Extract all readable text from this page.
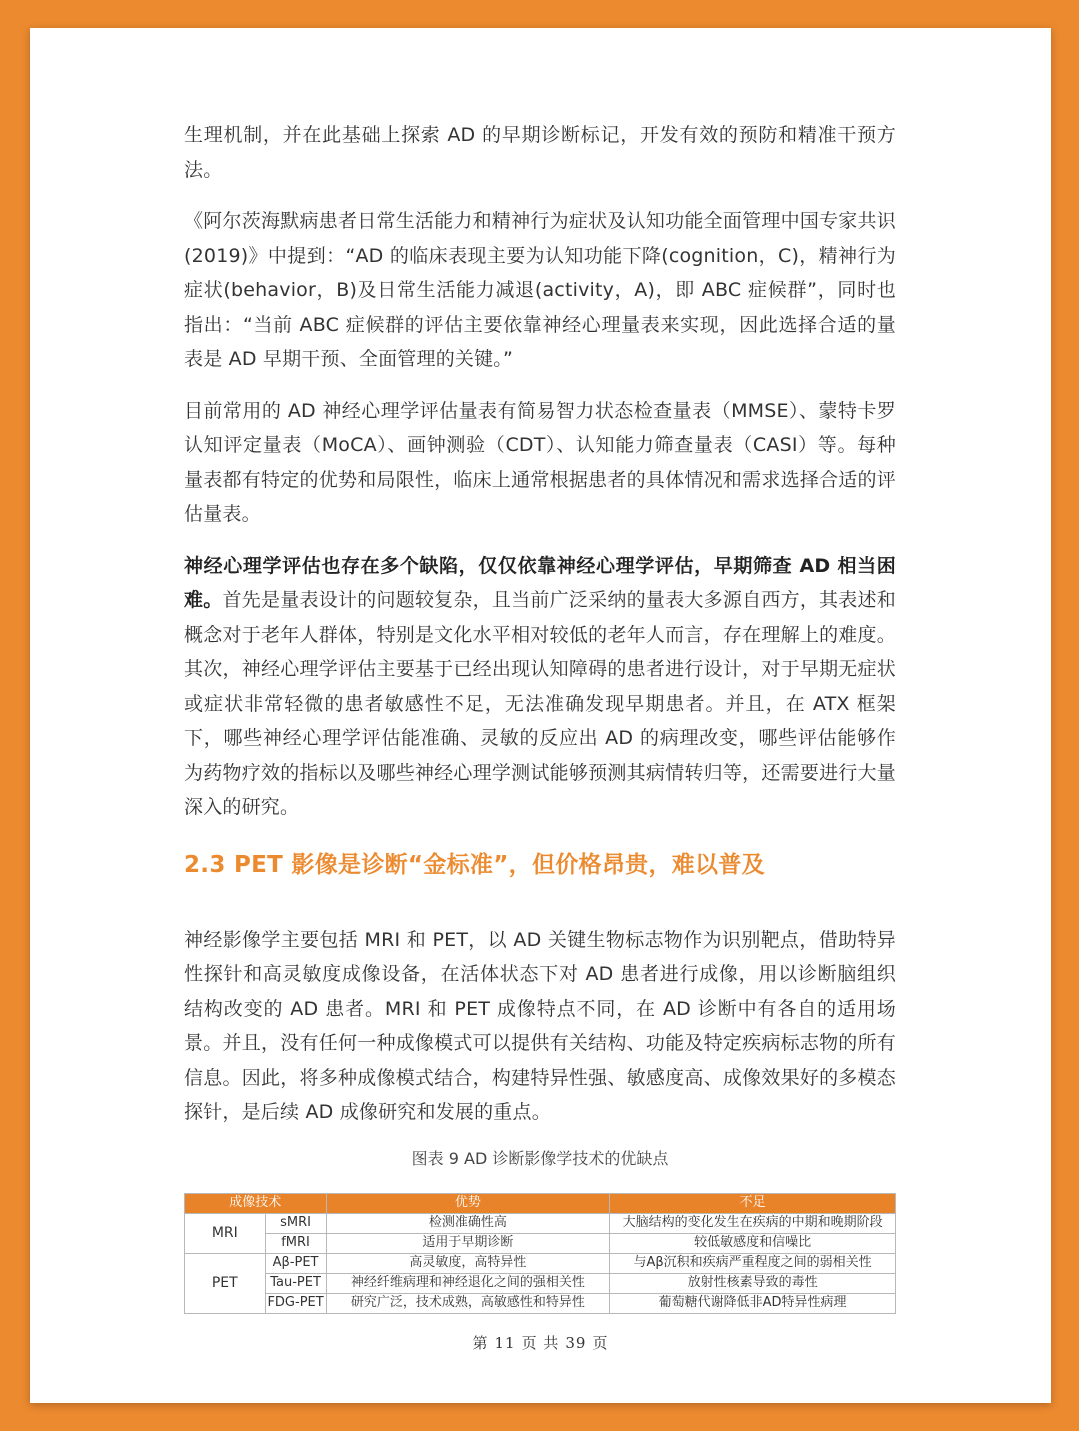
生理机制，并在此基础上探索 AD 的早期诊断标记，开发有效的预防和精准干预方法。

《阿尔茨海默病患者日常生活能力和精神行为症状及认知功能全面管理中国专家共识(2019)》中提到：“AD 的临床表现主要为认知功能下降(cognition，C)，精神行为症状(behavior，B)及日常生活能力减退(activity，A)，即 ABC 症候群”，同时也指出：“当前 ABC 症候群的评估主要依靠神经心理量表来实现，因此选择合适的量表是 AD 早期干预、全面管理的关键。”

目前常用的 AD 神经心理学评估量表有简易智力状态检查量表（MMSE）、蒙特卡罗认知评定量表（MoCA）、画钟测验（CDT）、认知能力筛查量表（CASI）等。每种量表都有特定的优势和局限性，临床上通常根据患者的具体情况和需求选择合适的评估量表。

神经心理学评估也存在多个缺陷，仅仅依靠神经心理学评估，早期筛查 AD 相当困难。首先是量表设计的问题较复杂，且当前广泛采纳的量表大多源自西方，其表述和概念对于老年人群体，特别是文化水平相对较低的老年人而言，存在理解上的难度。其次，神经心理学评估主要基于已经出现认知障碍的患者进行设计，对于早期无症状或症状非常轻微的患者敏感性不足，无法准确发现早期患者。并且，在 ATX 框架下，哪些神经心理学评估能准确、灵敏的反应出 AD 的病理改变，哪些评估能够作为药物疗效的指标以及哪些神经心理学测试能够预测其病情转归等，还需要进行大量深入的研究。

2.3 PET 影像是诊断“金标准”，但价格昂贵，难以普及

神经影像学主要包括 MRI 和 PET，以 AD 关键生物标志物作为识别靶点，借助特异性探针和高灵敏度成像设备，在活体状态下对 AD 患者进行成像，用以诊断脑组织结构改变的 AD 患者。MRI 和 PET 成像特点不同，在 AD 诊断中有各自的适用场景。并且，没有任何一种成像模式可以提供有关结构、功能及特定疾病标志物的所有信息。因此，将多种成像模式结合，构建特异性强、敏感度高、成像效果好的多模态探针，是后续 AD 成像研究和发展的重点。

图表 9 AD 诊断影像学技术的优缺点
成像技术		优势	不足
MRI	sMRI	检测准确性高	大脑结构的变化发生在疾病的中期和晚期阶段
	fMRI	适用于早期诊断	较低敏感度和信噪比
PET	Aβ-PET	高灵敏度，高特异性	与Aβ沉积和疾病严重程度之间的弱相关性
	Tau-PET	神经纤维病理和神经退化之间的强相关性	放射性核素导致的毒性
	FDG-PET	研究广泛，技术成熟，高敏感性和特异性	葡萄糖代谢降低非AD特异性病理
第 11 页 共 39 页
